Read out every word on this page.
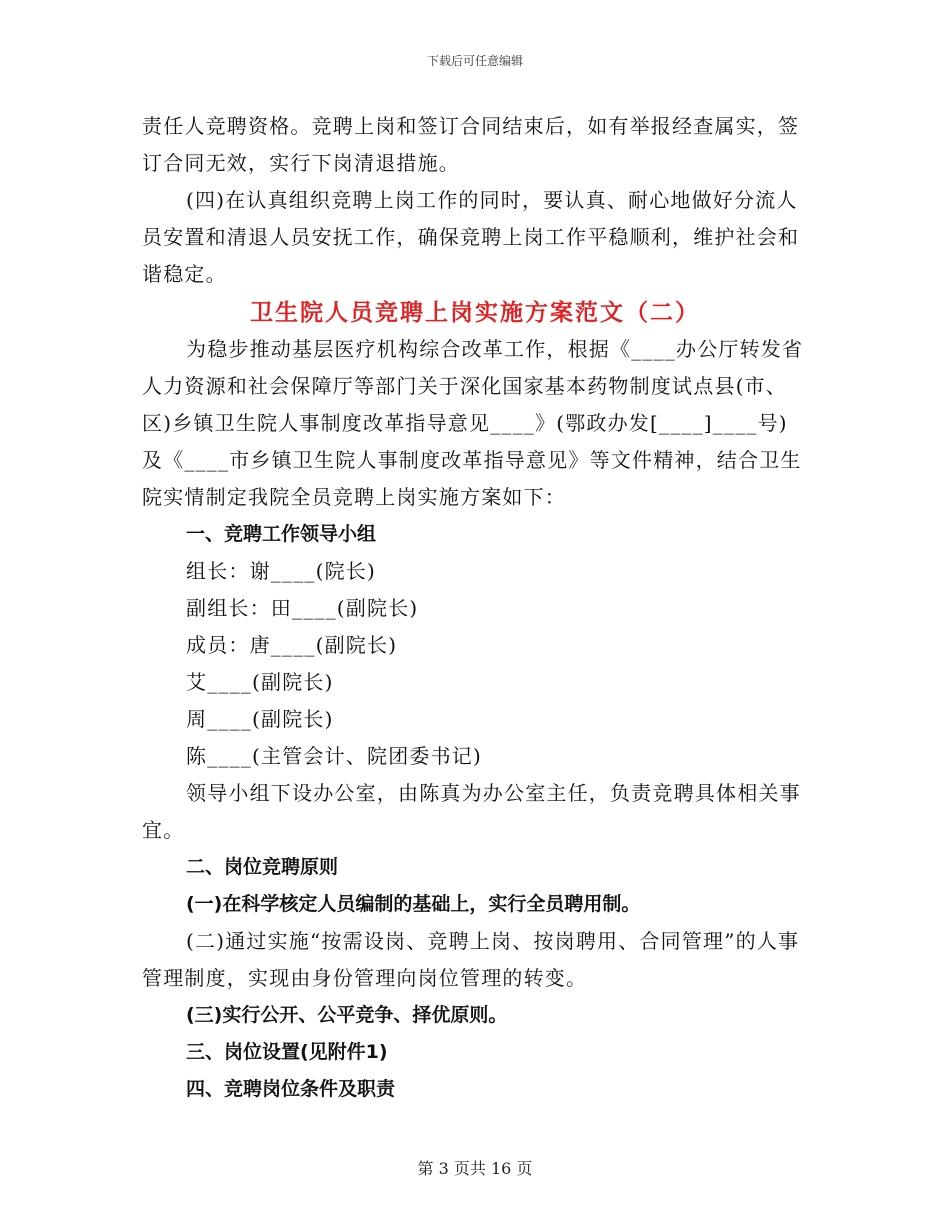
下载后可任意编辑

责任人竞聘资格。竞聘上岗和签订合同结束后，如有举报经查属实，签订合同无效，实行下岗清退措施。

(四)在认真组织竞聘上岗工作的同时，要认真、耐心地做好分流人员安置和清退人员安抚工作，确保竞聘上岗工作平稳顺利，维护社会和谐稳定。

卫生院人员竞聘上岗实施方案范文（二）

为稳步推动基层医疗机构综合改革工作，根据《____办公厅转发省人力资源和社会保障厅等部门关于深化国家基本药物制度试点县(市、区)乡镇卫生院人事制度改革指导意见____》(鄂政办发[____]____号)及《____市乡镇卫生院人事制度改革指导意见》等文件精神，结合卫生院实情制定我院全员竞聘上岗实施方案如下：

一、竞聘工作领导小组

组长：谢____(院长)

副组长：田____(副院长)

成员：唐____(副院长)

艾____(副院长)

周____(副院长)

陈____(主管会计、院团委书记)

领导小组下设办公室，由陈真为办公室主任，负责竞聘具体相关事宜。

二、岗位竞聘原则
(一)在科学核定人员编制的基础上，实行全员聘用制。

(二)通过实施“按需设岗、竞聘上岗、按岗聘用、合同管理”的人事管理制度，实现由身份管理向岗位管理的转变。

(三)实行公开、公平竞争、择优原则。
三、岗位设置(见附件1)
四、竞聘岗位条件及职责
第 3 页共 16 页
